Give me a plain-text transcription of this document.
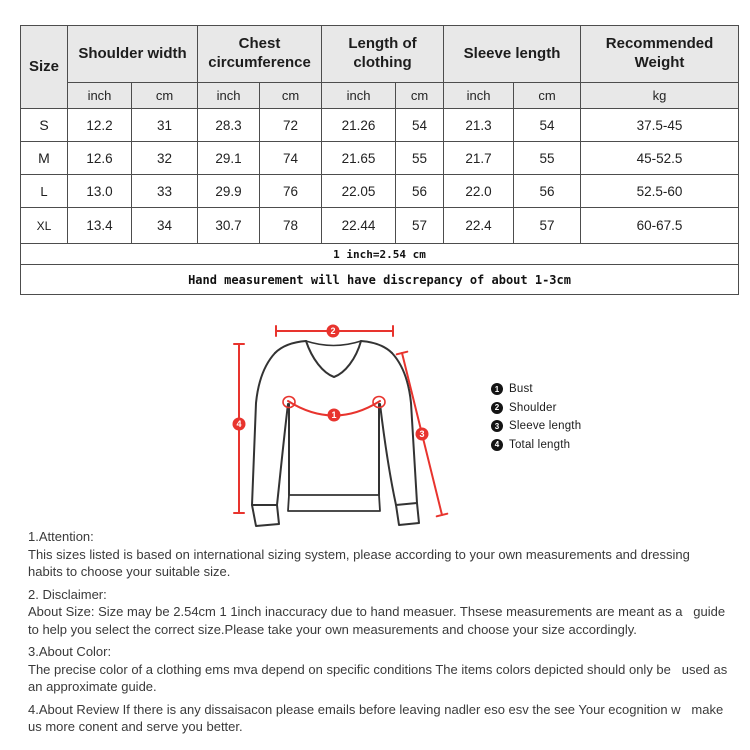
Size	Shoulder width		Chest circumference		Length of clothing		Sleeve length		Recommended Weight
	inch	cm	inch	cm	inch	cm	inch	cm	kg
S	12.2	31	28.3	72	21.26	54	21.3	54	37.5-45
M	12.6	32	29.1	74	21.65	55	21.7	55	45-52.5
L	13.0	33	29.9	76	22.05	56	22.0	56	52.5-60
XL	13.4	34	30.7	78	22.44	57	22.4	57	60-67.5
1 inch=2.54 cm									
Hand measurement will have discrepancy of about 1-3cm									
2
1
3
4
1 Bust
2 Shoulder
3 Sleeve length
4 Total length
1.Attention:
This sizes listed is based on international sizing system, please according to your own measurements and dressing   habits to choose your suitable size.
2. Disclaimer:
About Size: Size may be 2.54cm 1 1inch inaccuracy due to hand measuer. Thsese measurements are meant as a   guide to help you select the correct size.Please take your own measurements and choose your size accordingly.
3.About Color:
The precise color of a clothing ems mva depend on specific conditions The items colors depicted should only be   used as an approximate guide.
4.About Review If there is any dissaisacon please emails before leaving nadler eso esv the see Your ecognition w   make us more conent and serve you better.
